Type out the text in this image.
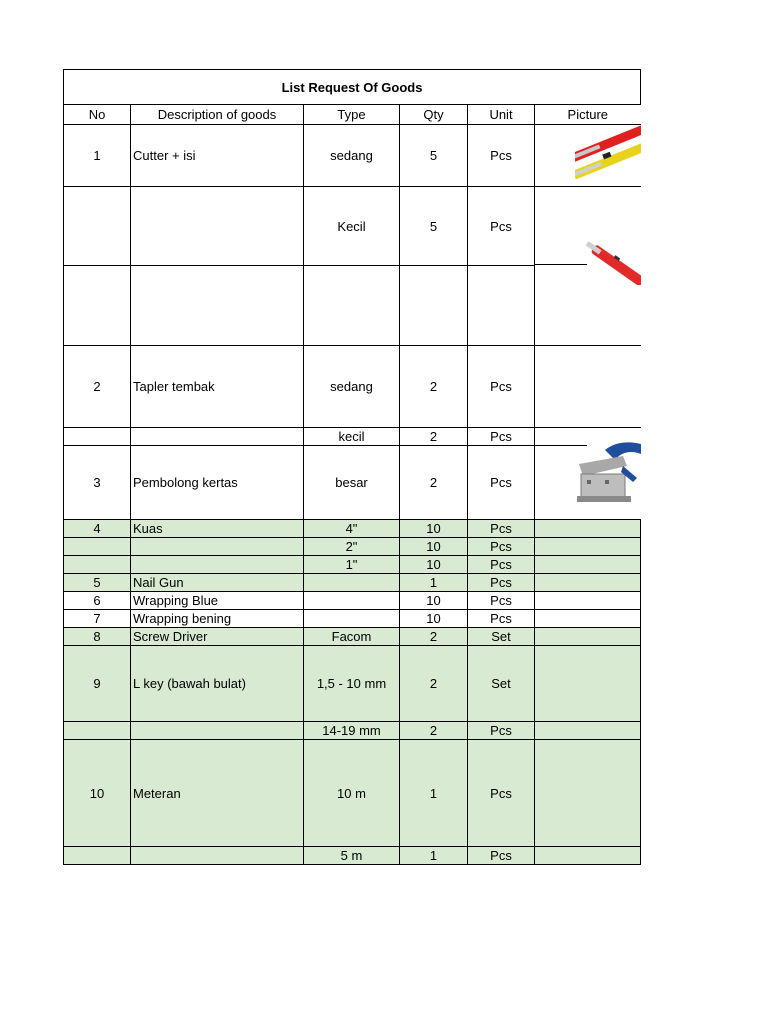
List Request Of Goods					
No	Description of goods	Type	Qty	Unit	Picture
1	Cutter + isi	sedang	5	Pcs	

		Kecil	5	Pcs	

2	Tapler tembak	sedang	2	Pcs	
		kecil	2	Pcs	

3	Pembolong kertas	besar	2	Pcs	

4	Kuas	4"	10	Pcs	
		2"	10	Pcs	
		1"	10	Pcs	
5	Nail Gun		1	Pcs	
6	Wrapping Blue		10	Pcs	
7	Wrapping bening		10	Pcs	
8	Screw Driver	Facom	2	Set	
9	L key (bawah bulat)	1,5 - 10 mm	2	Set	
		14-19 mm	2	Pcs	
10	Meteran	10 m	1	Pcs	
		5 m	1	Pcs	
